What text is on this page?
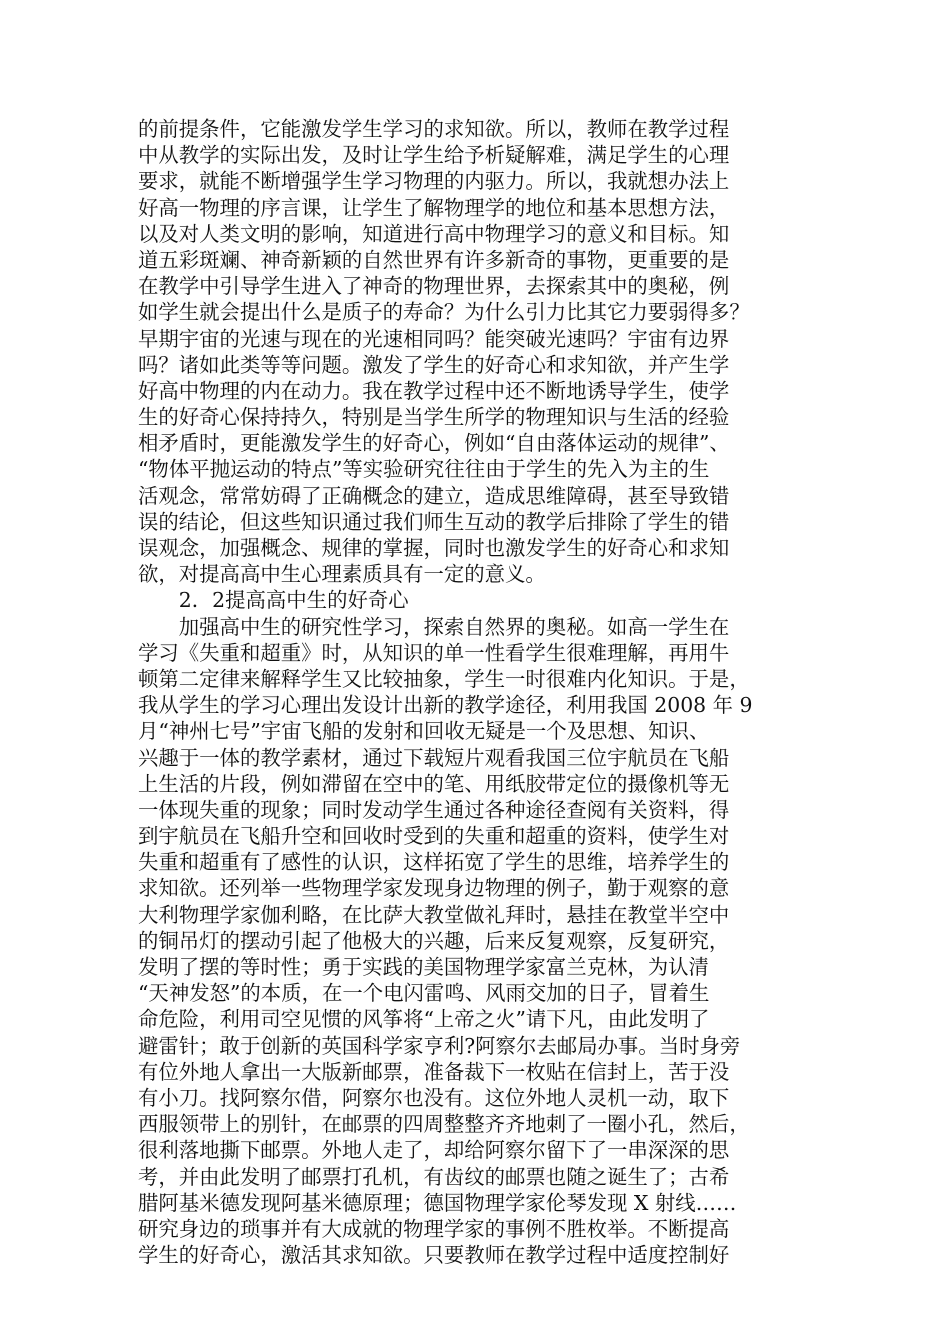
的前提条件，它能激发学生学习的求知欲。所以，教师在教学过程
中从教学的实际出发，及时让学生给予析疑解难，满足学生的心理
要求，就能不断增强学生学习物理的内驱力。所以，我就想办法上
好高一物理的序言课，让学生了解物理学的地位和基本思想方法，
以及对人类文明的影响，知道进行高中物理学习的意义和目标。知
道五彩斑斓、神奇新颖的自然世界有许多新奇的事物，更重要的是
在教学中引导学生进入了神奇的物理世界，去探索其中的奥秘，例
如学生就会提出什么是质子的寿命？为什么引力比其它力要弱得多？
早期宇宙的光速与现在的光速相同吗？能突破光速吗？宇宙有边界
吗？诸如此类等等问题。激发了学生的好奇心和求知欲，并产生学
好高中物理的内在动力。我在教学过程中还不断地诱导学生，使学
生的好奇心保持持久，特别是当学生所学的物理知识与生活的经验
相矛盾时，更能激发学生的好奇心，例如“自由落体运动的规律”、
“物体平抛运动的特点”等实验研究往往由于学生的先入为主的生
活观念，常常妨碍了正确概念的建立，造成思维障碍，甚至导致错
误的结论，但这些知识通过我们师生互动的教学后排除了学生的错
误观念，加强概念、规律的掌握，同时也激发学生的好奇心和求知
欲，对提高高中生心理素质具有一定的意义。
　　2．2提高高中生的好奇心
　　加强高中生的研究性学习，探索自然界的奥秘。如高一学生在
学习《失重和超重》时，从知识的单一性看学生很难理解，再用牛
顿第二定律来解释学生又比较抽象，学生一时很难内化知识。于是，
我从学生的学习心理出发设计出新的教学途径，利用我国 2008 年 9
月“神州七号”宇宙飞船的发射和回收无疑是一个及思想、知识、
兴趣于一体的教学素材，通过下载短片观看我国三位宇航员在飞船
上生活的片段，例如滞留在空中的笔、用纸胶带定位的摄像机等无
一体现失重的现象；同时发动学生通过各种途径查阅有关资料，得
到宇航员在飞船升空和回收时受到的失重和超重的资料，使学生对
失重和超重有了感性的认识，这样拓宽了学生的思维，培养学生的
求知欲。还列举一些物理学家发现身边物理的例子，勤于观察的意
大利物理学家伽利略，在比萨大教堂做礼拜时，悬挂在教堂半空中
的铜吊灯的摆动引起了他极大的兴趣，后来反复观察，反复研究，
发明了摆的等时性；勇于实践的美国物理学家富兰克林，为认清
“天神发怒”的本质，在一个电闪雷鸣、风雨交加的日子，冒着生
命危险，利用司空见惯的风筝将“上帝之火”请下凡，由此发明了
避雷针；敢于创新的英国科学家亨利?阿察尔去邮局办事。当时身旁
有位外地人拿出一大版新邮票，准备裁下一枚贴在信封上，苦于没
有小刀。找阿察尔借，阿察尔也没有。这位外地人灵机一动，取下
西服领带上的别针，在邮票的四周整整齐齐地刺了一圈小孔，然后，
很利落地撕下邮票。外地人走了，却给阿察尔留下了一串深深的思
考，并由此发明了邮票打孔机，有齿纹的邮票也随之诞生了；古希
腊阿基米德发现阿基米德原理；德国物理学家伦琴发现 X 射线……
研究身边的琐事并有大成就的物理学家的事例不胜枚举。不断提高
学生的好奇心，激活其求知欲。只要教师在教学过程中适度控制好
